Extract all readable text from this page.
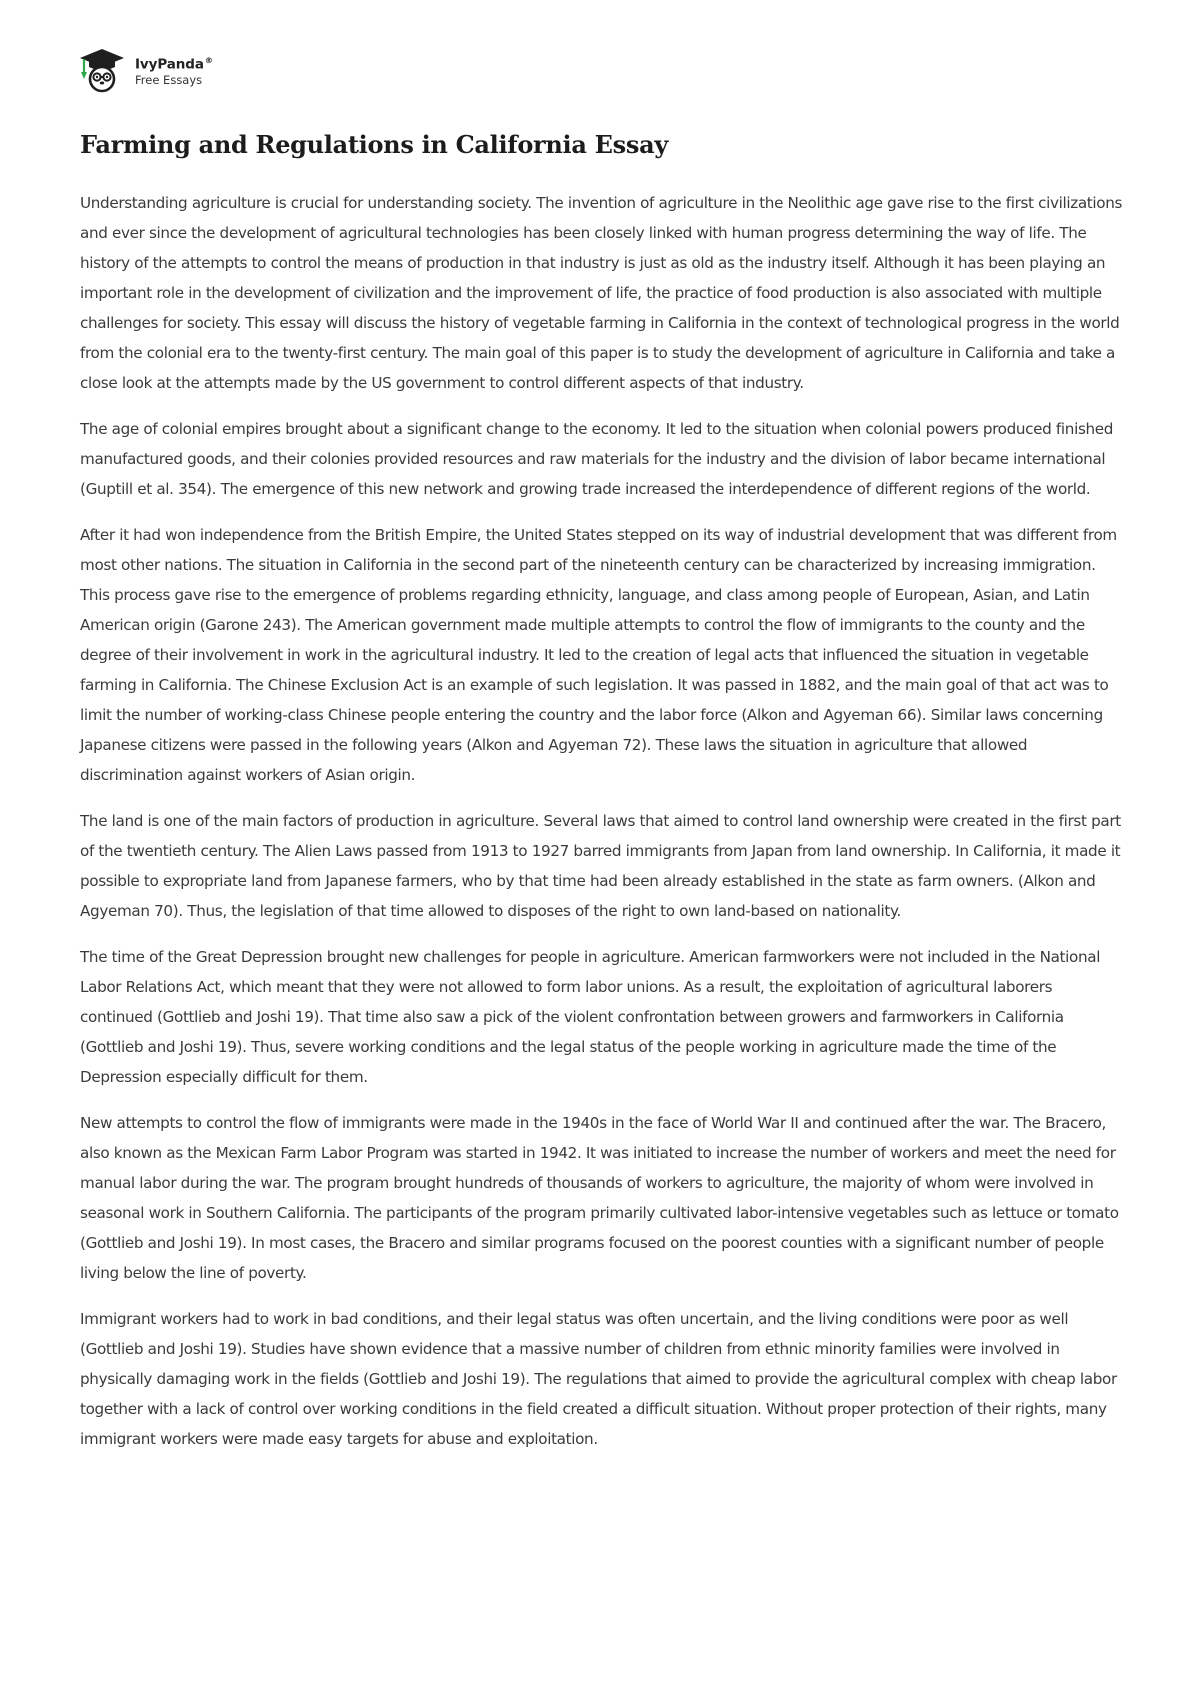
IvyPanda®
Free Essays
Farming and Regulations in California Essay

Understanding agriculture is crucial for understanding society. The invention of agriculture in the Neolithic age gave rise to the first civilizations and ever since the development of agricultural technologies has been closely linked with human progress determining the way of life. The history of the attempts to control the means of production in that industry is just as old as the industry itself. Although it has been playing an important role in the development of civilization and the improvement of life, the practice of food production is also associated with multiple challenges for society. This essay will discuss the history of vegetable farming in California in the context of technological progress in the world from the colonial era to the twenty-first century. The main goal of this paper is to study the development of agriculture in California and take a close look at the attempts made by the US government to control different aspects of that industry.

The age of colonial empires brought about a significant change to the economy. It led to the situation when colonial powers produced finished manufactured goods, and their colonies provided resources and raw materials for the industry and the division of labor became international (Guptill et al. 354). The emergence of this new network and growing trade increased the interdependence of different regions of the world.

After it had won independence from the British Empire, the United States stepped on its way of industrial development that was different from most other nations. The situation in California in the second part of the nineteenth century can be characterized by increasing immigration. This process gave rise to the emergence of problems regarding ethnicity, language, and class among people of European, Asian, and Latin American origin (Garone 243). The American government made multiple attempts to control the flow of immigrants to the county and the degree of their involvement in work in the agricultural industry. It led to the creation of legal acts that influenced the situation in vegetable farming in California. The Chinese Exclusion Act is an example of such legislation. It was passed in 1882, and the main goal of that act was to limit the number of working-class Chinese people entering the country and the labor force (Alkon and Agyeman 66). Similar laws concerning Japanese citizens were passed in the following years (Alkon and Agyeman 72). These laws the situation in agriculture that allowed discrimination against workers of Asian origin.

The land is one of the main factors of production in agriculture. Several laws that aimed to control land ownership were created in the first part of the twentieth century. The Alien Laws passed from 1913 to 1927 barred immigrants from Japan from land ownership. In California, it made it possible to expropriate land from Japanese farmers, who by that time had been already established in the state as farm owners. (Alkon and Agyeman 70). Thus, the legislation of that time allowed to disposes of the right to own land-based on nationality.

The time of the Great Depression brought new challenges for people in agriculture. American farmworkers were not included in the National Labor Relations Act, which meant that they were not allowed to form labor unions. As a result, the exploitation of agricultural laborers continued (Gottlieb and Joshi 19). That time also saw a pick of the violent confrontation between growers and farmworkers in California (Gottlieb and Joshi 19). Thus, severe working conditions and the legal status of the people working in agriculture made the time of the Depression especially difficult for them.

New attempts to control the flow of immigrants were made in the 1940s in the face of World War II and continued after the war. The Bracero, also known as the Mexican Farm Labor Program was started in 1942. It was initiated to increase the number of workers and meet the need for manual labor during the war. The program brought hundreds of thousands of workers to agriculture, the majority of whom were involved in seasonal work in Southern California. The participants of the program primarily cultivated labor-intensive vegetables such as lettuce or tomato (Gottlieb and Joshi 19). In most cases, the Bracero and similar programs focused on the poorest counties with a significant number of people living below the line of poverty.

Immigrant workers had to work in bad conditions, and their legal status was often uncertain, and the living conditions were poor as well (Gottlieb and Joshi 19). Studies have shown evidence that a massive number of children from ethnic minority families were involved in physically damaging work in the fields (Gottlieb and Joshi 19). The regulations that aimed to provide the agricultural complex with cheap labor together with a lack of control over working conditions in the field created a difficult situation. Without proper protection of their rights, many immigrant workers were made easy targets for abuse and exploitation.
